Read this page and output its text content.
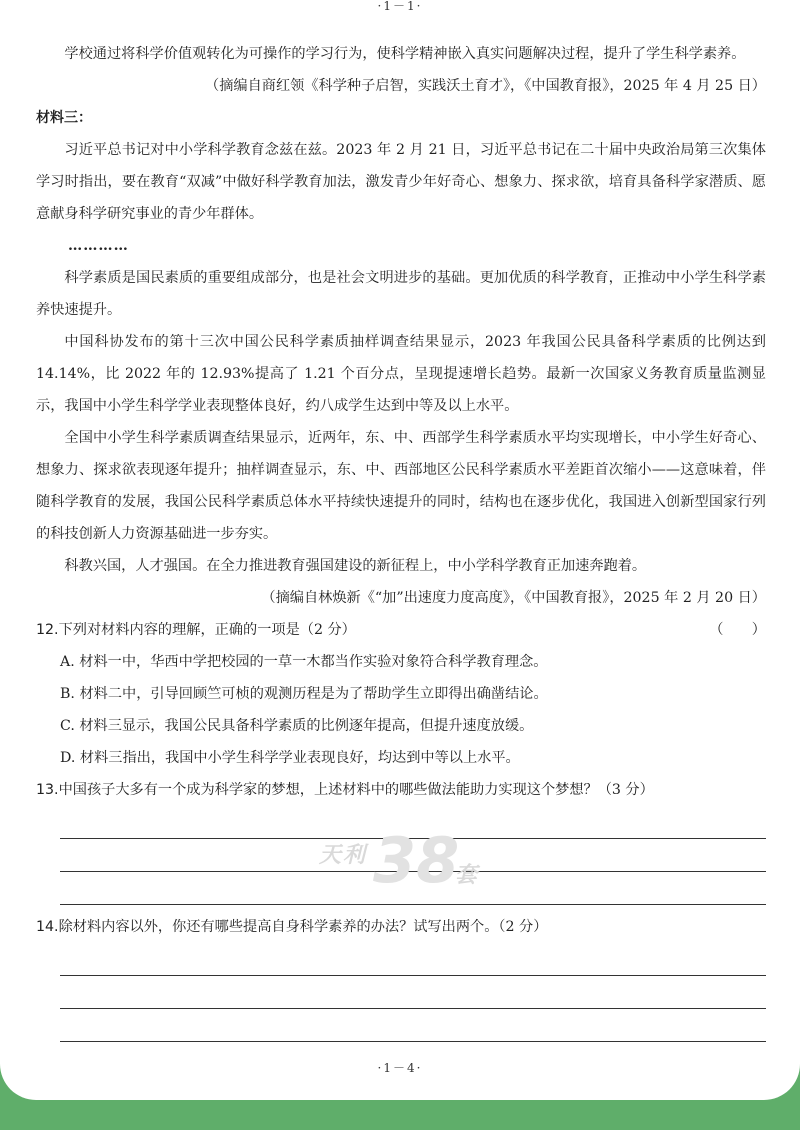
·1－1·

学校通过将科学价值观转化为可操作的学习行为，使科学精神嵌入真实问题解决过程，提升了学生科学素养。

（摘编自商红领《科学种子启智，实践沃土育才》，《中国教育报》，2025 年 4 月 25 日）

材料三：

习近平总书记对中小学科学教育念兹在兹。2023 年 2 月 21 日，习近平总书记在二十届中央政治局第三次集体学习时指出，要在教育“双减”中做好科学教育加法，激发青少年好奇心、想象力、探求欲，培育具备科学家潜质、愿意献身科学研究事业的青少年群体。

…………

科学素质是国民素质的重要组成部分，也是社会文明进步的基础。更加优质的科学教育，正推动中小学生科学素养快速提升。

中国科协发布的第十三次中国公民科学素质抽样调查结果显示，2023 年我国公民具备科学素质的比例达到 14.14%，比 2022 年的 12.93%提高了 1.21 个百分点，呈现提速增长趋势。最新一次国家义务教育质量监测显示，我国中小学生科学学业表现整体良好，约八成学生达到中等及以上水平。

全国中小学生科学素质调查结果显示，近两年，东、中、西部学生科学素质水平均实现增长，中小学生好奇心、想象力、探求欲表现逐年提升；抽样调查显示，东、中、西部地区公民科学素质水平差距首次缩小——这意味着，伴随科学教育的发展，我国公民科学素质总体水平持续快速提升的同时，结构也在逐步优化，我国进入创新型国家行列的科技创新人力资源基础进一步夯实。

科教兴国，人才强国。在全力推进教育强国建设的新征程上，中小学科学教育正加速奔跑着。

（摘编自林焕新《“加”出速度力度高度》，《中国教育报》，2025 年 2 月 20 日）

12.下列对材料内容的理解，正确的一项是（2 分）	（　　）

A. 材料一中，华西中学把校园的一草一木都当作实验对象符合科学教育理念。

B. 材料二中，引导回顾竺可桢的观测历程是为了帮助学生立即得出确凿结论。

C. 材料三显示，我国公民具备科学素质的比例逐年提高，但提升速度放缓。

D. 材料三指出，我国中小学生科学学业表现良好，均达到中等以上水平。

13.中国孩子大多有一个成为科学家的梦想，上述材料中的哪些做法能助力实现这个梦想？（3 分）

14.除材料内容以外，你还有哪些提高自身科学素养的办法？试写出两个。（2 分）

天利 38
套
·1－4·
